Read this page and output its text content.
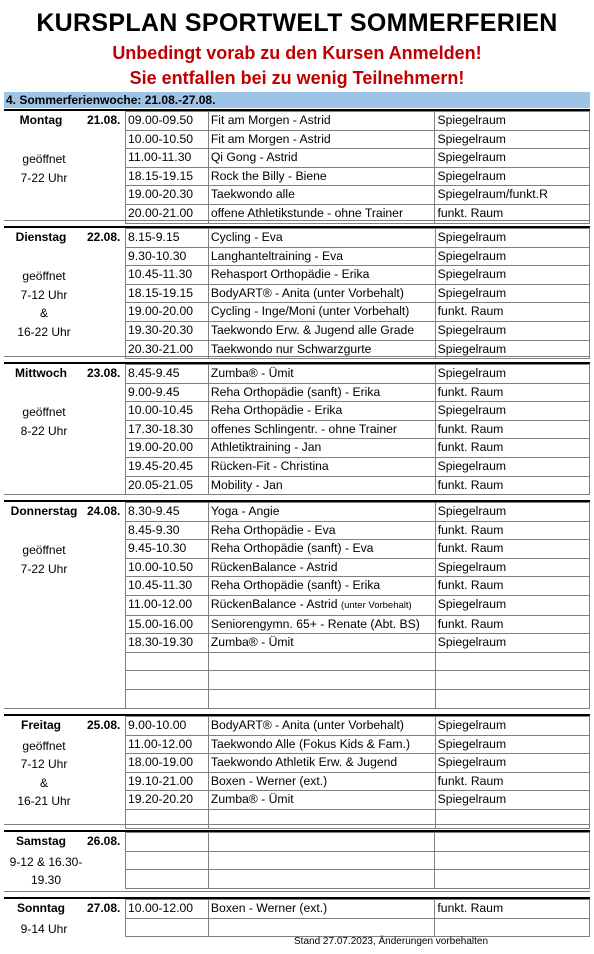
KURSPLAN SPORTWELT SOMMERFERIEN
Unbedingt vorab zu den Kursen Anmelden!
Sie entfallen bei zu wenig Teilnehmern!
4. Sommerferienwoche: 21.08.-27.08.
Montag	21.08.
geöffnet
7-22 Uhr
09.00-09.50	Fit am Morgen - Astrid	Spiegelraum
10.00-10.50	Fit am Morgen - Astrid	Spiegelraum
11.00-11.30	Qi Gong - Astrid	Spiegelraum
18.15-19.15	Rock the Billy - Biene	Spiegelraum
19.00-20.30	Taekwondo alle	Spiegelraum/funkt.R
20.00-21.00	offene Athletikstunde - ohne Trainer	funkt. Raum
Dienstag	22.08.
geöffnet
7-12 Uhr
&
16-22 Uhr
8.15-9.15	Cycling - Eva	Spiegelraum
9.30-10.30	Langhanteltraining - Eva	Spiegelraum
10.45-11.30	Rehasport Orthopädie - Erika	Spiegelraum
18.15-19.15	BodyART® - Anita (unter Vorbehalt)	Spiegelraum
19.00-20.00	Cycling - Inge/Moni (unter Vorbehalt)	funkt. Raum
19.30-20.30	Taekwondo Erw. & Jugend alle Grade	Spiegelraum
20.30-21.00	Taekwondo nur Schwarzgurte	Spiegelraum
Mittwoch	23.08.
geöffnet
8-22 Uhr
8.45-9.45	Zumba® - Ümit	Spiegelraum
9.00-9.45	Reha Orthopädie (sanft) - Erika	funkt. Raum
10.00-10.45	Reha Orthopädie - Erika	Spiegelraum
17.30-18.30	offenes Schlingentr. - ohne Trainer	funkt. Raum
19.00-20.00	Athletiktraining - Jan	funkt. Raum
19.45-20.45	Rücken-Fit - Christina	Spiegelraum
20.05-21.05	Mobility - Jan	funkt. Raum
Donnerstag 24.08.
geöffnet
7-22 Uhr
8.30-9.45	Yoga - Angie	Spiegelraum
8.45-9.30	Reha Orthopädie - Eva	funkt. Raum
9.45-10.30	Reha Orthopädie (sanft) - Eva	funkt. Raum
10.00-10.50	RückenBalance - Astrid	Spiegelraum
10.45-11.30	Reha Orthopädie (sanft) - Erika	funkt. Raum
11.00-12.00	RückenBalance - Astrid (unter Vorbehalt)	Spiegelraum
15.00-16.00	Seniorengymn. 65+ - Renate (Abt. BS)	funkt. Raum
18.30-19.30	Zumba® - Ümit	Spiegelraum

Freitag	25.08.
geöffnet
7-12 Uhr
&
16-21 Uhr
9.00-10.00	BodyART® - Anita (unter Vorbehalt)	Spiegelraum
11.00-12.00	Taekwondo Alle (Fokus Kids & Fam.)	Spiegelraum
18.00-19.00	Taekwondo Athletik Erw. & Jugend	Spiegelraum
19.10-21.00	Boxen - Werner (ext.)	funkt. Raum
19.20-20.20	Zumba® - Ümit	Spiegelraum

Samstag	26.08.
9-12 & 16.30-
19.30

Sonntag	27.08.
9-14 Uhr
10.00-12.00	Boxen - Werner (ext.)	funkt. Raum

Stand 27.07.2023, Änderungen vorbehalten
